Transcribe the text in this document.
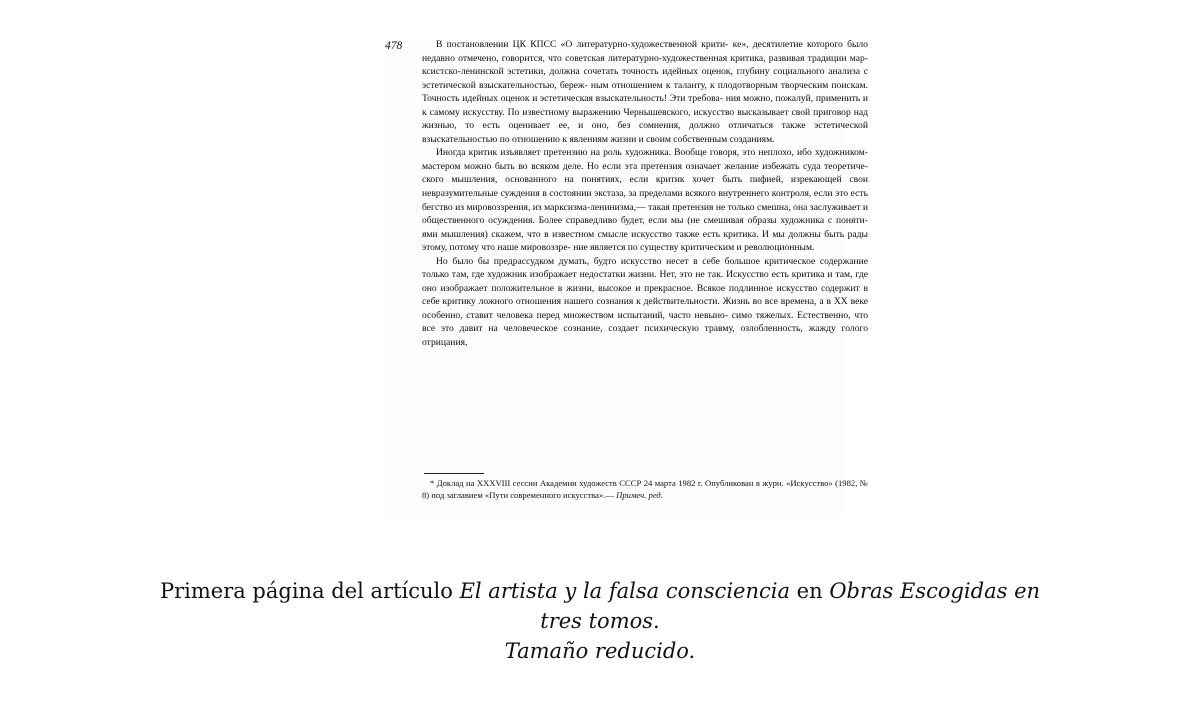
478	В постановлении ЦК КПСС «О литературно-художественной крити- ке», десятилетие которого было недавно отмечено, говорится, что советская литературно-художественная критика, развивая традиции мар- ксистско-ленинской эстетики, должна сочетать точность идейных оценок, глубину социального анализа с эстетической взыскательностью, береж- ным отношением к таланту, к плодотворным творческим поискам. Точность идейных оценок и эстетическая взыскательность! Эти требова- ния можно, пожалуй, применить и к самому искусству. По известному выражению Чернышевского, искусство высказывает свой приговор над жизнью, то есть оценивает ее, и оно, без сомнения, должно отличаться также эстетической взыскательностью по отношению к явлениям жизни и своим собственным созданиям.

Иногда критик изъявляет претензию на роль художника. Вообще говоря, это неплохо, ибо художником-мастером можно быть во всяком деле. Но если эта претензия означает желание избежать суда теоретиче- ского мышления, основанного на понятиях, если критик хочет быть пифией, изрекающей свои невразумительные суждения в состоянии экстаза, за пределами всякого внутреннего контроля, если это есть бегство из мировоззрения, из марксизма-ленинизма,— такая претензия не только смешна, она заслуживает и общественного осуждения. Более справедливо будет, если мы (не смешивая образы художника с поняти- ями мышления) скажем, что в известном смысле искусство также есть критика. И мы должны быть рады этому, потому что наше мировоззре- ние является по существу критическим и революционным.

Но было бы предрассудком думать, будто искусство несет в себе большое критическое содержание только там, где художник изображает недостатки жизни. Нет, это не так. Искусство есть критика и там, где оно изображает положительное в жизни, высокое и прекрасное. Всякое подлинное искусство содержит в себе критику ложного отношения нашего сознания к действительности. Жизнь во все времена, а в XX веке особенно, ставит человека перед множеством испытаний, часто невыно- симо тяжелых. Естественно, что все это давит на человеческое сознание, создает психическую травму, озлобленность, жажду голого отрицания,

* Доклад на XXXVIII сессии Академии художеств СССР 24 марта 1982 г. Опубликован в журн. «Искусство» (1982, № 8) под заглавием «Пути современного искусства».— Примеч. ред.

Primera página del artículo El artista y la falsa consciencia en Obras Escogidas en
tres tomos.
Tamaño reducido.
